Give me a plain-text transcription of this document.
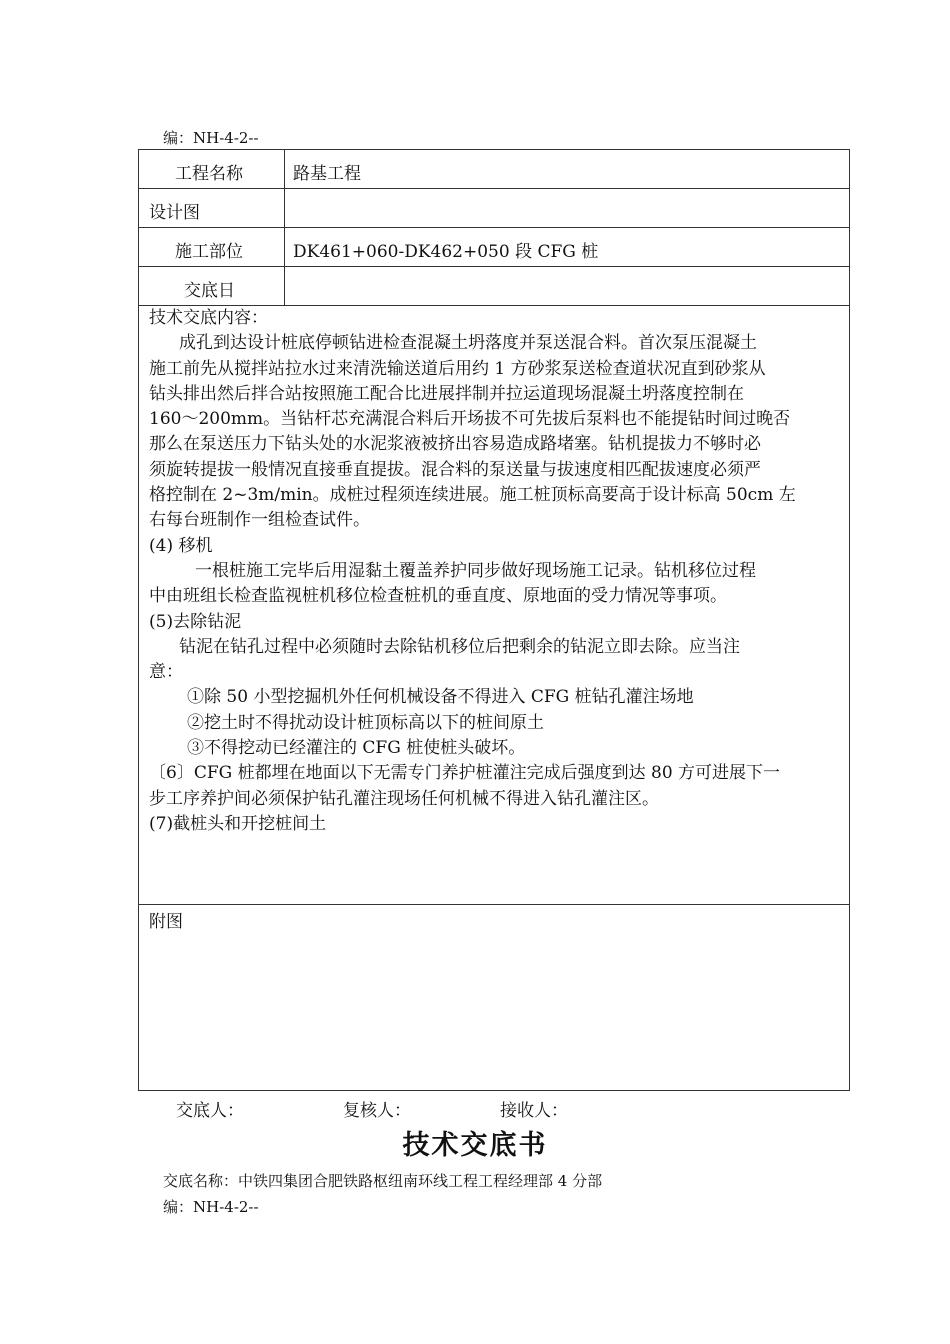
编：NH-4-2--
工程名称	路基工程
设计图
施工部位	DK461+060-DK462+050 段 CFG 桩
交底日

技术交底内容：

成孔到达设计桩底停顿钻进检查混凝土坍落度并泵送混合料。首次泵压混凝土

施工前先从搅拌站拉水过来清洗输送道后用约 1 方砂浆泵送检查道状况直到砂浆从

钻头排出然后拌合站按照施工配合比进展拌制并拉运道现场混凝土坍落度控制在

160～200mm。当钻杆芯充满混合料后开场拔不可先拔后泵料也不能提钻时间过晚否

那么在泵送压力下钻头处的水泥浆液被挤出容易造成路堵塞。钻机提拔力不够时必

须旋转提拔一般情况直接垂直提拔。混合料的泵送量与拔速度相匹配拔速度必须严

格控制在 2~3m/min。成桩过程须连续进展。施工桩顶标高要高于设计标高 50cm 左

右每台班制作一组检查试件。

(4) 移机

一根桩施工完毕后用湿黏土覆盖养护同步做好现场施工记录。钻机移位过程

中由班组长检查监视桩机移位检查桩机的垂直度、原地面的受力情况等事项。

(5)去除钻泥

钻泥在钻孔过程中必须随时去除钻机移位后把剩余的钻泥立即去除。应当注

意：

①除 50 小型挖掘机外任何机械设备不得进入 CFG 桩钻孔灌注场地

②挖土时不得扰动设计桩顶标高以下的桩间原土

③不得挖动已经灌注的 CFG 桩使桩头破坏。

〔6〕CFG 桩都埋在地面以下无需专门养护桩灌注完成后强度到达 80 方可进展下一

步工序养护间必须保护钻孔灌注现场任何机械不得进入钻孔灌注区。

(7)截桩头和开挖桩间土

附图
交底人：	复核人：	接收人：
技术交底书
交底名称：中铁四集团合肥铁路枢纽南环线工程工程经理部 4 分部
编：NH-4-2--
